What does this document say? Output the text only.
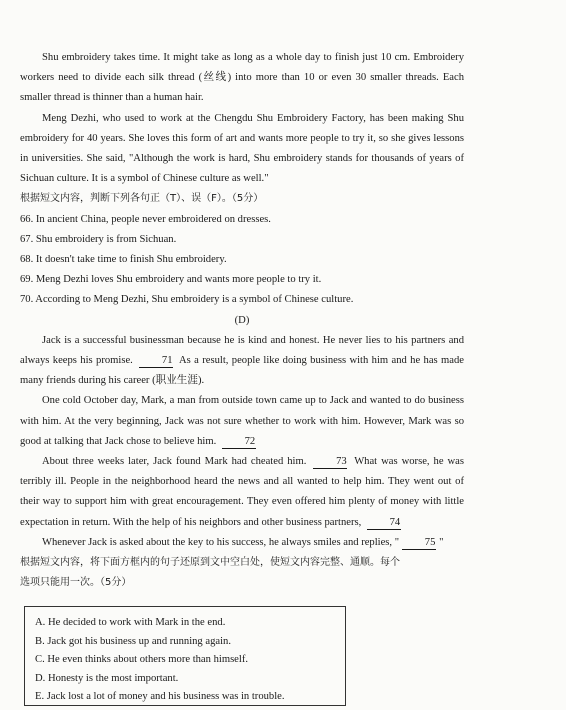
Shu embroidery takes time. It might take as long as a whole day to finish just 10 cm. Embroidery workers need to divide each silk thread (丝线) into more than 10 or even 30 smaller threads. Each smaller thread is thinner than a human hair.

Meng Dezhi, who used to work at the Chengdu Shu Embroidery Factory, has been making Shu embroidery for 40 years. She loves this form of art and wants more people to try it, so she gives lessons in universities. She said, "Although the work is hard, Shu embroidery stands for thousands of years of Sichuan culture. It is a symbol of Chinese culture as well."

根据短文内容，判断下列各句正（T）、误（F）。（5分）

66. In ancient China, people never embroidered on dresses.

67. Shu embroidery is from Sichuan.

68. It doesn't take time to finish Shu embroidery.

69. Meng Dezhi loves Shu embroidery and wants more people to try it.

70. According to Meng Dezhi, Shu embroidery is a symbol of Chinese culture.

(D)

Jack is a successful businessman because he is kind and honest. He never lies to his partners and always keeps his promise.	71 As a result, people like doing business with him and he has made many friends during his career (职业生涯).

One cold October day, Mark, a man from outside town came up to Jack and wanted to do business with him. At the very beginning, Jack was not sure whether to work with him. However, Mark was so good at talking that Jack chose to believe him.	72

About three weeks later, Jack found Mark had cheated him.	73 What was worse, he was terribly ill. People in the neighborhood heard the news and all wanted to help him. They went out of their way to support him with great encouragement. They even offered him plenty of money with little expectation in return. With the help of his neighbors and other business partners,	74

Whenever Jack is asked about the key to his success, he always smiles and replies, " 75 "

根据短文内容，将下面方框内的句子还原到文中空白处，使短文内容完整、通顺。每个

选项只能用一次。（5分）

A. He decided to work with Mark in the end.
B. Jack got his business up and running again.
C. He even thinks about others more than himself.
D. Honesty is the most important.
E. Jack lost a lot of money and his business was in trouble.
